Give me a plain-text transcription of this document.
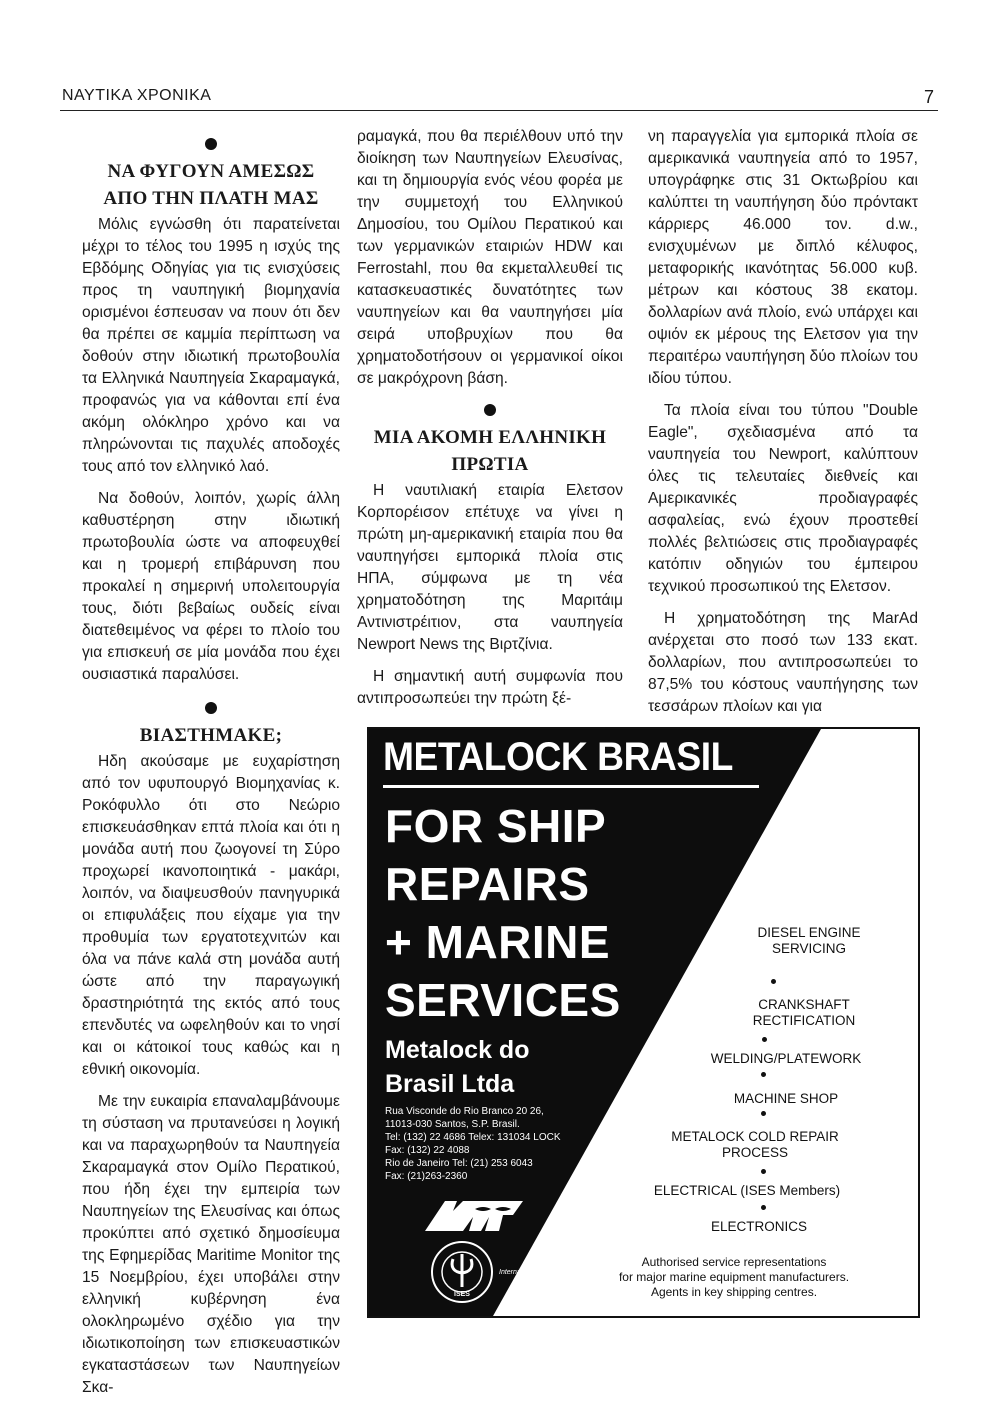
ΝΑΥΤΙΚΑ ΧΡΟΝΙΚΑ	7
ΝΑ ΦΥΓΟΥΝ ΑΜΕΣΩΣ
ΑΠΟ ΤΗΝ ΠΛΑΤΗ ΜΑΣ

Μόλις εγνώσθη ότι παρατείνεται μέχρι το τέλος του 1995 η ισχύς της Εβδόμης Οδηγίας για τις ενισχύσεις προς τη ναυπηγική βιομηχανία ορισμένοι έσπευσαν να πουν ότι δεν θα πρέπει σε καμμία περίπτωση να δοθούν στην ιδιωτική πρωτοβουλία τα Ελληνικά Ναυπηγεία Σκαραμαγκά, προφανώς για να κάθονται επί ένα ακόμη ολόκληρο χρόνο και να πληρώνονται τις παχυλές αποδοχές τους από τον ελληνικό λαό.

Να δοθούν, λοιπόν, χωρίς άλλη καθυστέρηση στην ιδιωτική πρωτοβουλία ώστε να αποφευχθεί και η τρομερή επιβάρυνση που προκαλεί η σημερινή υπολειτουργία τους, διότι βεβαίως ουδείς είναι διατεθειμένος να φέρει το πλοίο του για επισκευή σε μία μονάδα που έχει ουσιαστικά παραλύσει.

ΒΙΑΣΤΗΜΑΚΕ;

Ηδη ακούσαμε με ευχαρίστηση από τον υφυπουργό Βιομηχανίας κ. Ροκόφυλλο ότι στο Νεώριο επισκευάσθηκαν επτά πλοία και ότι η μονάδα αυτή που ζωογονεί τη Σύρο προχωρεί ικανοποιητικά - μακάρι, λοιπόν, να διαψευσθούν πανηγυρικά οι επιφυλάξεις που είχαμε για την προθυμία των εργατοτεχνιτών και όλα να πάνε καλά στη μονάδα αυτή ώστε από την παραγωγική δραστηριότητά της εκτός από τους επενδυτές να ωφεληθούν και το νησί και οι κάτοικοί τους καθώς και η εθνική οικονομία.

Με την ευκαιρία επαναλαμβάνουμε τη σύσταση να πρυτανεύσει η λογική και να παραχωρηθούν τα Ναυπηγεία Σκαραμαγκά στον Ομίλο Περατικού, που ήδη έχει την εμπειρία των Ναυπηγείων της Ελευσίνας και όπως προκύπτει από σχετικό δημοσίευμα της Εφημερίδας Maritime Monitor της 15 Νοεμβρίου, έχει υποβάλει στην ελληνική κυβέρνηση ένα ολοκληρωμένο σχέδιο για την ιδιωτικοποίηση των επισκευαστικών εγκαταστάσεων των Ναυπηγείων Σκα-

ραμαγκά, που θα περιέλθουν υπό την διοίκηση των Ναυπηγείων Ελευσίνας, και τη δημιουργία ενός νέου φορέα με την συμμετοχή του Ελληνικού Δημοσίου, του Ομίλου Περατικού και των γερμανικών εταιριών HDW και Ferrostahl, που θα εκμεταλλευθεί τις κατασκευαστικές δυνατότητες των ναυπηγείων και θα ναυπηγήσει μία σειρά υποβρυχίων που θα χρηματοδοτήσουν οι γερμανικοί οίκοι σε μακρόχρονη βάση.

ΜΙΑ ΑΚΟΜΗ ΕΛΛΗΝΙΚΗ
ΠΡΩΤΙΑ

Η ναυτιλιακή εταιρία Ελετσον Κορπορέισον επέτυχε να γίνει η πρώτη μη-αμερικανική εταιρία που θα ναυπηγήσει εμπορικά πλοία στις ΗΠΑ, σύμφωνα με τη νέα χρηματοδότηση της Μαριτάιμ Αντινιστρέιτιον, στα ναυπηγεία Newport News της Βιρτζίνια.

Η σημαντική αυτή συμφωνία που αντιπροσωπεύει την πρώτη ξέ-

νη παραγγελία για εμπορικά πλοία σε αμερικανικά ναυπηγεία από το 1957, υπογράφηκε στις 31 Οκτωβρίου και καλύπτει τη ναυπήγηση δύο πρόντακτ κάρριερς 46.000 τον. d.w., ενισχυμένων με διπλό κέλυφος, μεταφορικής ικανότητας 56.000 κυβ. μέτρων και κόστους 38 εκατομ. δολλαρίων ανά πλοίο, ενώ υπάρχει και οψιόν εκ μέρους της Ελετσον για την περαιτέρω ναυπήγηση δύο πλοίων του ιδίου τύπου.

Τα πλοία είναι του τύπου "Double Eagle", σχεδιασμένα από τα ναυπηγεία του Newport, καλύπτουν όλες τις τελευταίες διεθνείς και Αμερικανικές προδιαγραφές ασφαλείας, ενώ έχουν προστεθεί πολλές βελτιώσεις στις προδιαγραφές κατόπιν οδηγιών του έμπειρου τεχνικού προσωπικού της Ελετσον.

Η χρηματοδότηση της MarAd ανέρχεται στο ποσό των 133 εκατ. δολλαρίων, που αντιπροσωπεύει το 87,5% του κόστους ναυπήγησης των τεσσάρων πλοίων και για

METALOCK BRASIL
FOR SHIP
REPAIRS
+ MARINE
SERVICES
Metalock do
Brasil Ltda
Rua Visconde do Rio Branco 20 26,
11013-030 Santos, S.P. Brasil.
Tel: (132) 22 4686 Telex: 131034 LOCK
Fax: (132) 22 4088
Rio de Janeiro Tel: (21) 253 6043
Fax: (21)263-2360
ISES
International Ship Electric Service
DIESEL ENGINE SERVICING
CRANKSHAFT RECTIFICATION
WELDING/PLATEWORK
MACHINE SHOP
METALOCK COLD REPAIR PROCESS
ELECTRICAL (ISES Members)
ELECTRONICS
Authorised service representations
for major marine equipment manufacturers.
Agents in key shipping centres.
